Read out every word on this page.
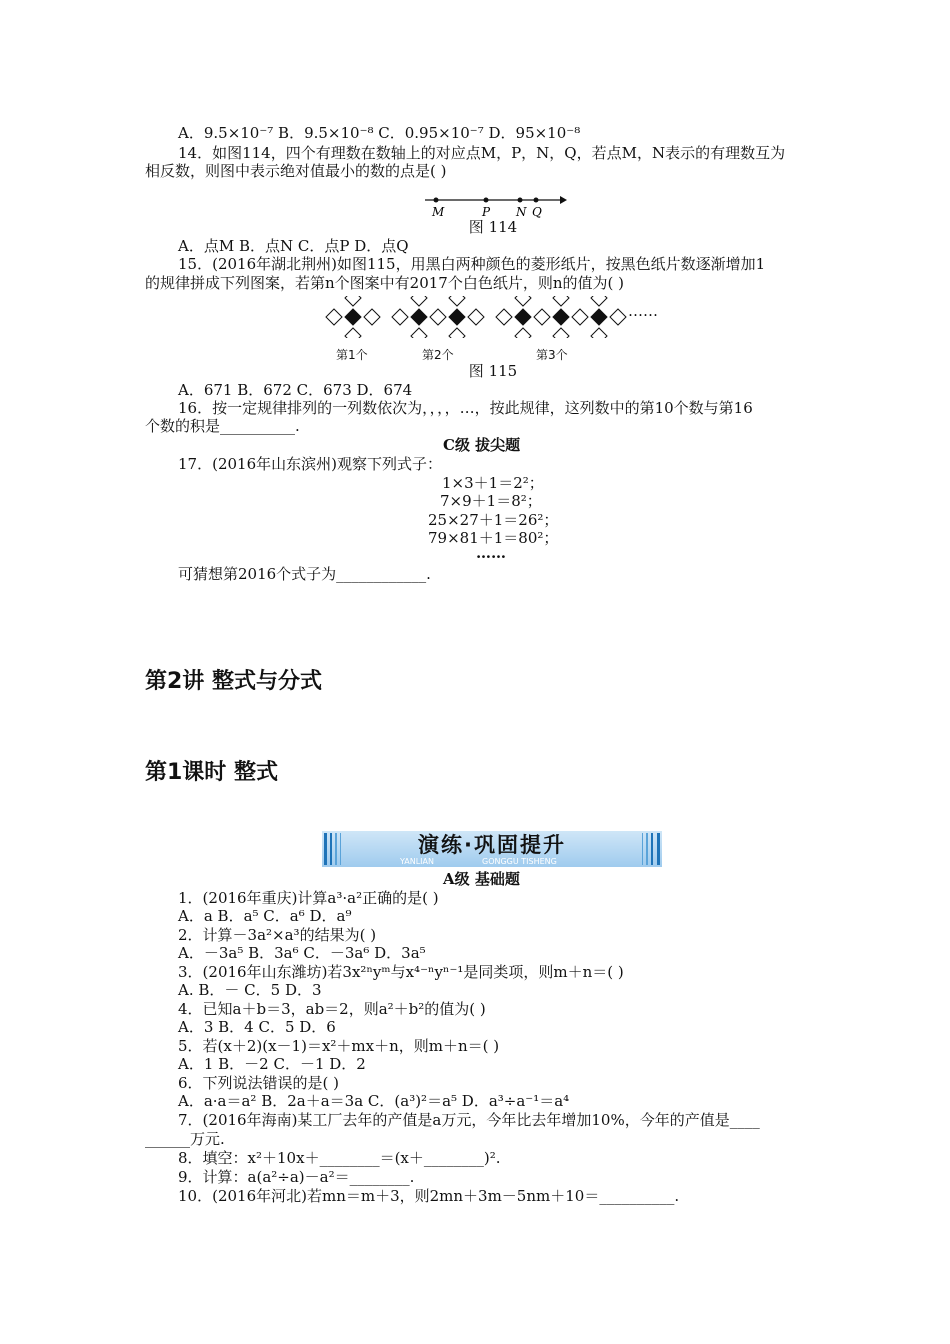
A．9.5×10⁻⁷ B．9.5×10⁻⁸ C．0.95×10⁻⁷ D．95×10⁻⁸
14．如图114，四个有理数在数轴上的对应点M，P，N，Q，若点M，N表示的有理数互为
相反数，则图中表示绝对值最小的数的点是( )
M	P N Q
图 114
A．点M B．点N C．点P D．点Q
15．(2016年湖北荆州)如图115，用黑白两种颜色的菱形纸片，按黑色纸片数逐渐增加1
的规律拼成下列图案，若第n个图案中有2017个白色纸片，则n的值为( )
……
第1个	第2个	第3个
图 115
A．671 B．672 C．673 D．674
16．按一定规律排列的一列数依次为，，，，…，按此规律，这列数中的第10个数与第16
个数的积是__________.
C级 拔尖题
17．(2016年山东滨州)观察下列式子：
1×3＋1＝2²；
7×9＋1＝8²；
25×27＋1＝26²；
79×81＋1＝80²；
……
可猜想第2016个式子为____________.
第2讲 整式与分式
第1课时 整式
演练·巩固提升
YANLIAN	GONGGU TISHENG
A级 基础题
1．(2016年重庆)计算a³·a²正确的是( )
A．a B．a⁵ C．a⁶ D．a⁹
2．计算－3a²×a³的结果为( )
A．－3a⁵ B．3a⁶ C．－3a⁶ D．3a⁵
3．(2016年山东潍坊)若3x²ⁿyᵐ与x⁴⁻ⁿyⁿ⁻¹是同类项，则m＋n＝( )
A. B．－ C．5 D．3
4．已知a＋b＝3，ab＝2，则a²＋b²的值为( )
A．3 B．4 C．5 D．6
5．若(x＋2)(x－1)＝x²＋mx＋n，则m＋n＝( )
A．1 B．－2 C．－1 D．2
6．下列说法错误的是( )
A．a·a＝a² B．2a＋a＝3a C．(a³)²＝a⁵ D．a³÷a⁻¹＝a⁴
7．(2016年海南)某工厂去年的产值是a万元，今年比去年增加10%，今年的产值是____
______万元.
8．填空：x²＋10x＋________＝(x＋________)².
9．计算：a(a²÷a)－a²＝________.
10．(2016年河北)若mn＝m＋3，则2mn＋3m－5nm＋10＝__________.
